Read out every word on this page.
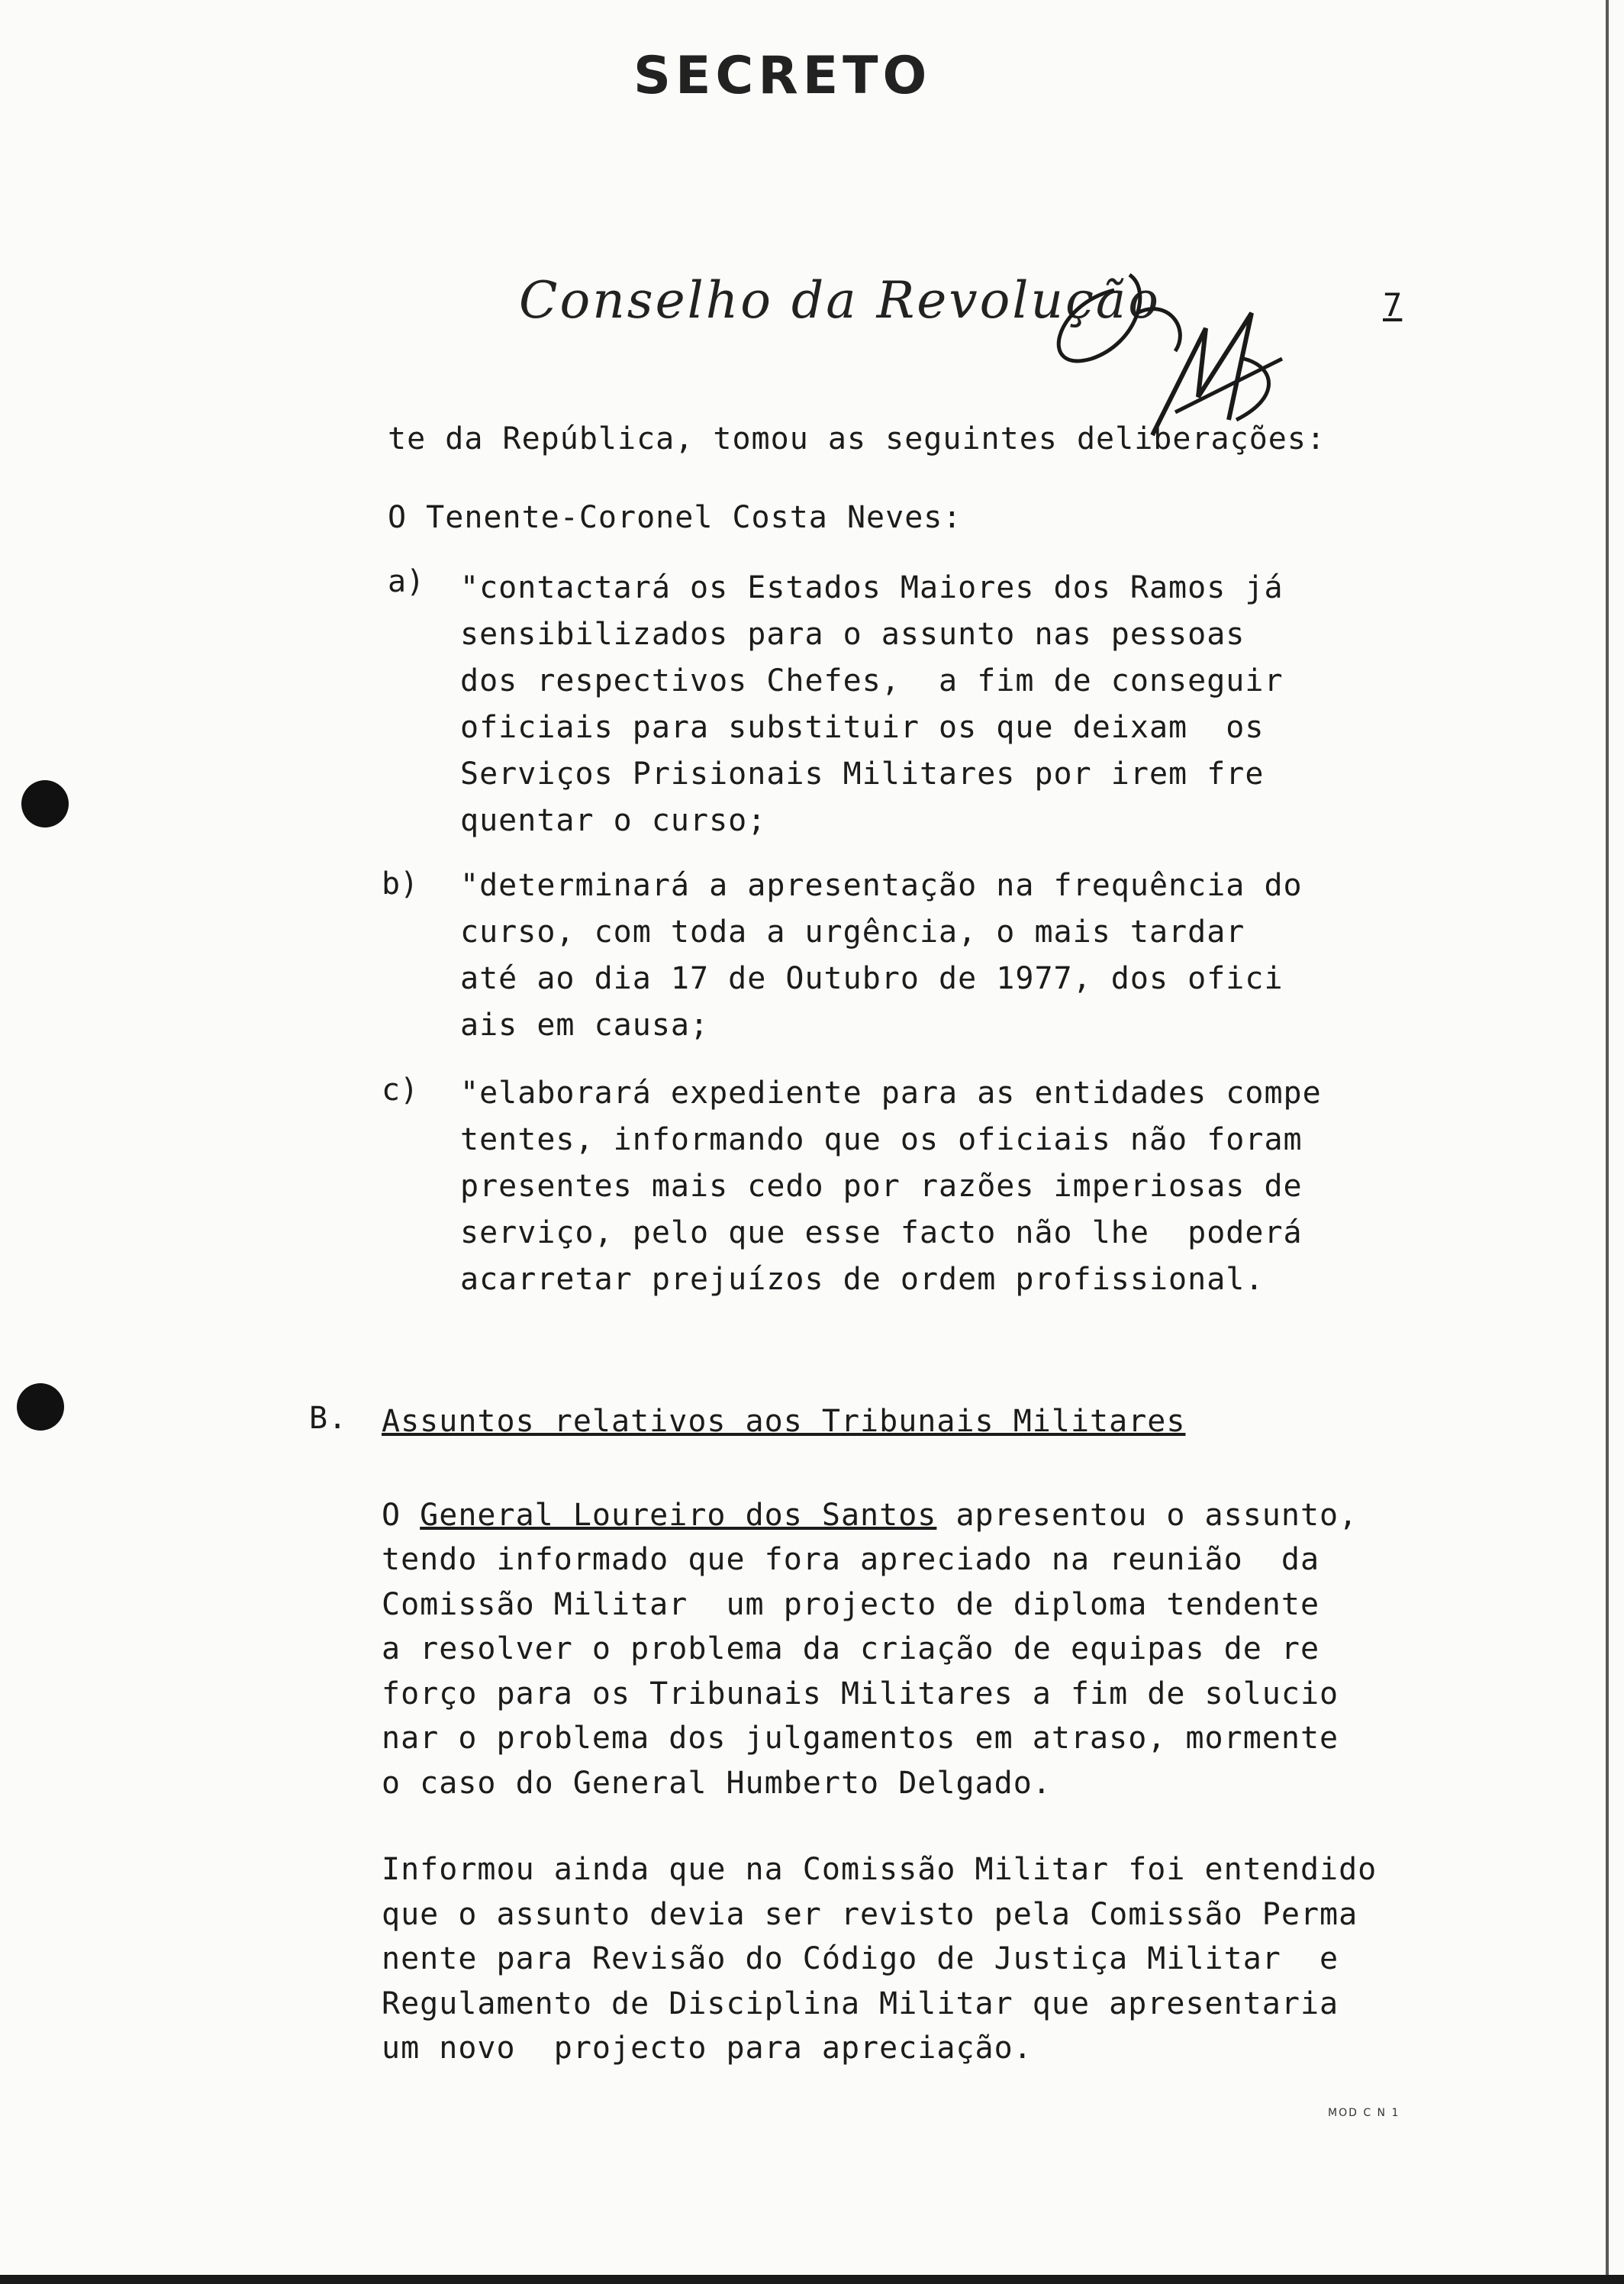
SECRETO
Conselho da Revolução	7
te da República, tomou as seguintes deliberações:
O Tenente-Coronel Costa Neves:
a) "contactará os Estados Maiores dos Ramos já
sensibilizados para o assunto nas pessoas
dos respectivos Chefes,  a fim de conseguir
oficiais para substituir os que deixam  os
Serviços Prisionais Militares por irem fre
quentar o curso;
b) "determinará a apresentação na frequência do
curso, com toda a urgência, o mais tardar
até ao dia 17 de Outubro de 1977, dos ofici
ais em causa;
c) "elaborará expediente para as entidades compe
tentes, informando que os oficiais não foram
presentes mais cedo por razões imperiosas de
serviço, pelo que esse facto não lhe  poderá
acarretar prejuízos de ordem profissional.
B. Assuntos relativos aos Tribunais Militares
O General Loureiro dos Santos apresentou o assunto,
tendo informado que fora apreciado na reunião  da
Comissão Militar  um projecto de diploma tendente
a resolver o problema da criação de equipas de re
forço para os Tribunais Militares a fim de solucio
nar o problema dos julgamentos em atraso, mormente
o caso do General Humberto Delgado.
Informou ainda que na Comissão Militar foi entendido
que o assunto devia ser revisto pela Comissão Perma
nente para Revisão do Código de Justiça Militar  e
Regulamento de Disciplina Militar que apresentaria
um novo  projecto para apreciação.
MOD C N 1
